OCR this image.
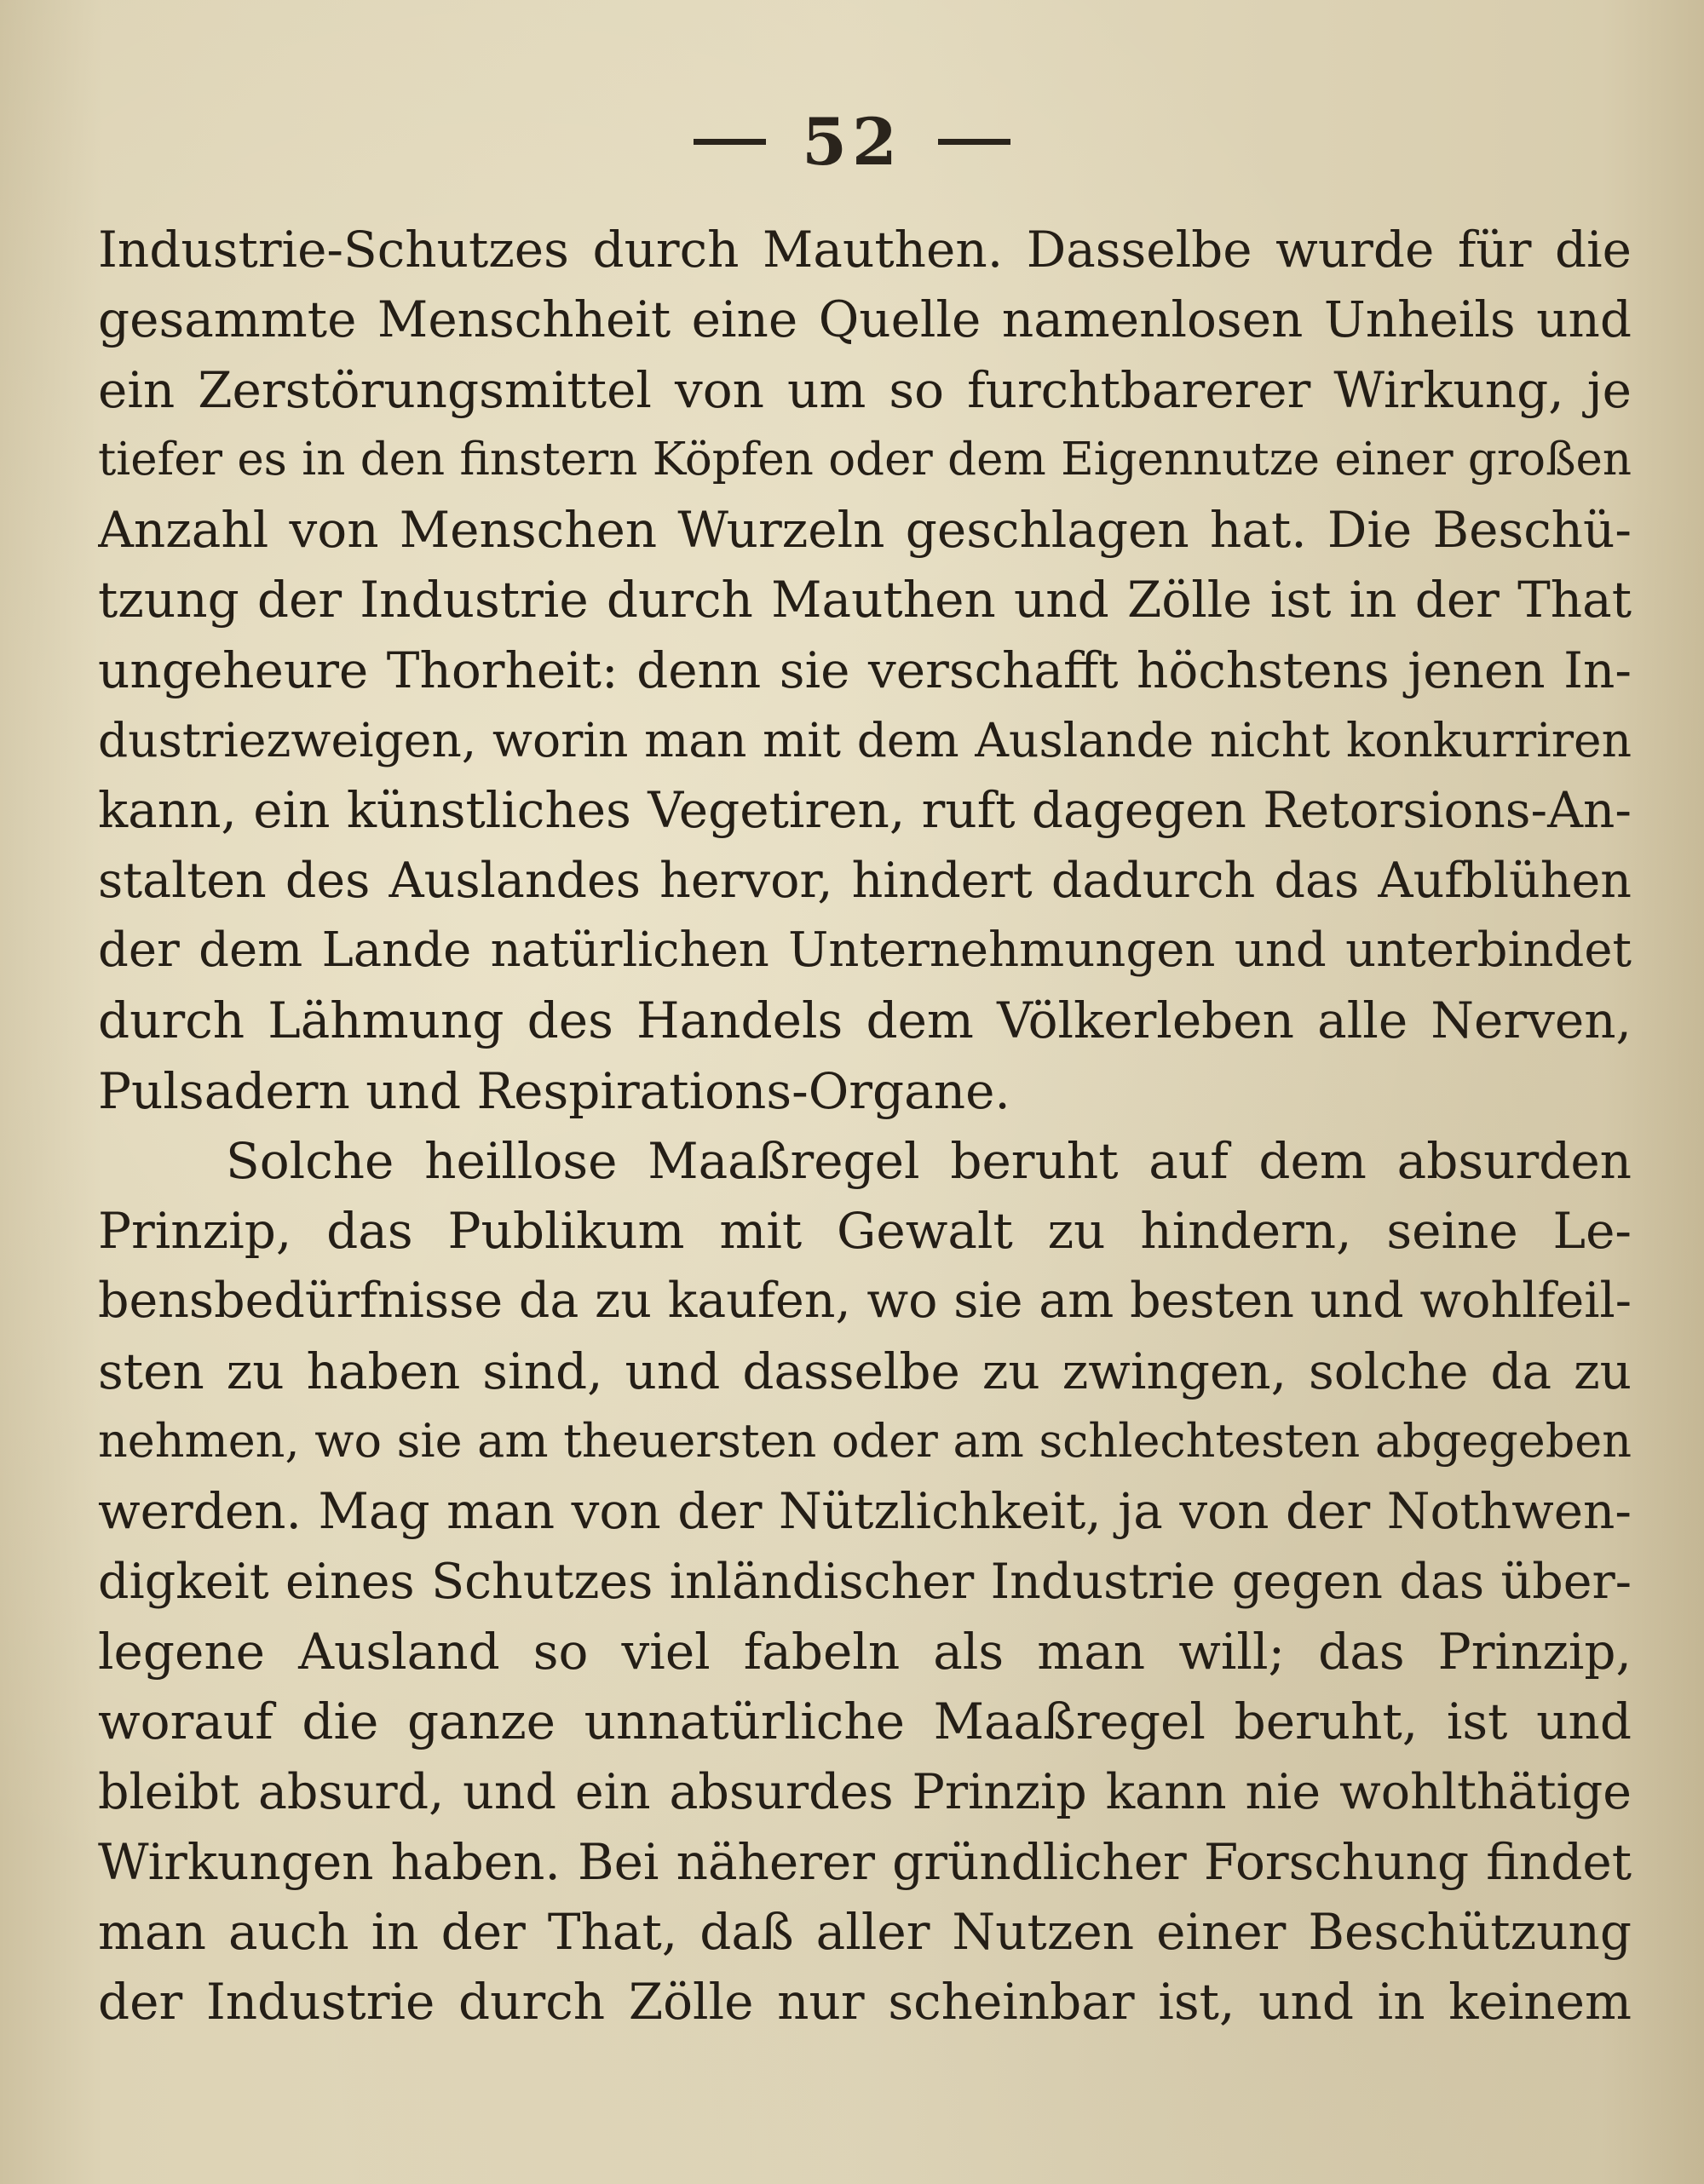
52
Industrie-Schutzes durch Mauthen. Dasselbe wurde für die
gesammte Menschheit eine Quelle namenlosen Unheils und
ein Zerstörungsmittel von um so furchtbarerer Wirkung, je
tiefer es in den finstern Köpfen oder dem Eigennutze einer großen
Anzahl von Menschen Wurzeln geschlagen hat. Die Beschü-
tzung der Industrie durch Mauthen und Zölle ist in der That
ungeheure Thorheit: denn sie verschafft höchstens jenen In-
dustriezweigen, worin man mit dem Auslande nicht konkurriren
kann, ein künstliches Vegetiren, ruft dagegen Retorsions-An-
stalten des Auslandes hervor, hindert dadurch das Aufblühen
der dem Lande natürlichen Unternehmungen und unterbindet
durch Lähmung des Handels dem Völkerleben alle Nerven,
Pulsadern und Respirations-Organe.
Solche heillose Maaßregel beruht auf dem absurden
Prinzip, das Publikum mit Gewalt zu hindern, seine Le-
bensbedürfnisse da zu kaufen, wo sie am besten und wohlfeil-
sten zu haben sind, und dasselbe zu zwingen, solche da zu
nehmen, wo sie am theuersten oder am schlechtesten abgegeben
werden. Mag man von der Nützlichkeit, ja von der Nothwen-
digkeit eines Schutzes inländischer Industrie gegen das über-
legene Ausland so viel fabeln als man will; das Prinzip,
worauf die ganze unnatürliche Maaßregel beruht, ist und
bleibt absurd, und ein absurdes Prinzip kann nie wohlthätige
Wirkungen haben. Bei näherer gründlicher Forschung findet
man auch in der That, daß aller Nutzen einer Beschützung
der Industrie durch Zölle nur scheinbar ist, und in keinem
